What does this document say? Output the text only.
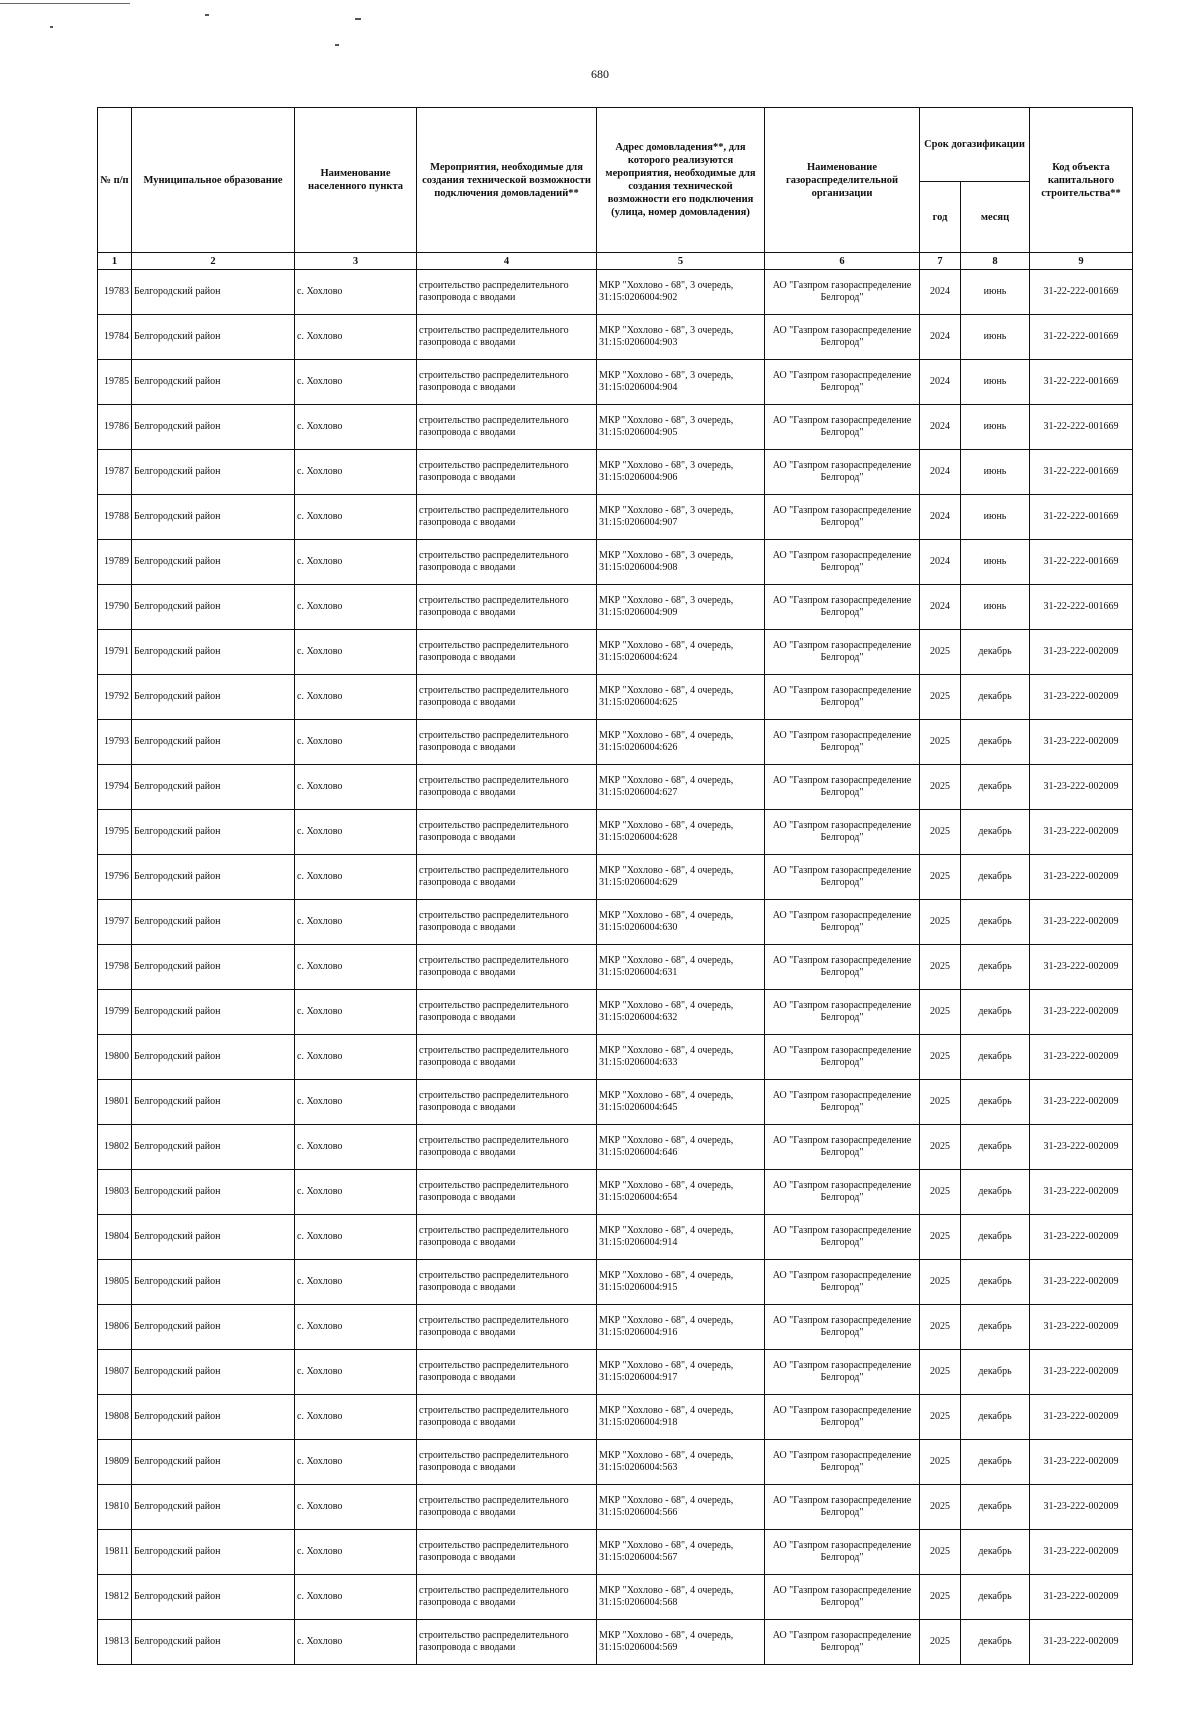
680
№ п/п	Муниципальное образование	Наименование населенного пункта	Мероприятия, необходимые для создания технической возможности подключения домовладений**	Адрес домовладения**, для которого реализуются мероприятия, необходимые для создания технической возможности его подключения (улица, номер домовладения)	Наименование газораспределительной организации	Срок догазификации		Код объекта капитального строительства**
						год	месяц	
1	2	3	4	5	6	7	8	9
19783	Белгородский район	с. Хохлово	строительство распределительного газопровода с вводами	МКР "Хохлово - 68", 3 очередь, 31:15:0206004:902	АО "Газпром газораспределение Белгород"	2024	июнь	31-22-222-001669
19784	Белгородский район	с. Хохлово	строительство распределительного газопровода с вводами	МКР "Хохлово - 68", 3 очередь, 31:15:0206004:903	АО "Газпром газораспределение Белгород"	2024	июнь	31-22-222-001669
19785	Белгородский район	с. Хохлово	строительство распределительного газопровода с вводами	МКР "Хохлово - 68", 3 очередь, 31:15:0206004:904	АО "Газпром газораспределение Белгород"	2024	июнь	31-22-222-001669
19786	Белгородский район	с. Хохлово	строительство распределительного газопровода с вводами	МКР "Хохлово - 68", 3 очередь, 31:15:0206004:905	АО "Газпром газораспределение Белгород"	2024	июнь	31-22-222-001669
19787	Белгородский район	с. Хохлово	строительство распределительного газопровода с вводами	МКР "Хохлово - 68", 3 очередь, 31:15:0206004:906	АО "Газпром газораспределение Белгород"	2024	июнь	31-22-222-001669
19788	Белгородский район	с. Хохлово	строительство распределительного газопровода с вводами	МКР "Хохлово - 68", 3 очередь, 31:15:0206004:907	АО "Газпром газораспределение Белгород"	2024	июнь	31-22-222-001669
19789	Белгородский район	с. Хохлово	строительство распределительного газопровода с вводами	МКР "Хохлово - 68", 3 очередь, 31:15:0206004:908	АО "Газпром газораспределение Белгород"	2024	июнь	31-22-222-001669
19790	Белгородский район	с. Хохлово	строительство распределительного газопровода с вводами	МКР "Хохлово - 68", 3 очередь, 31:15:0206004:909	АО "Газпром газораспределение Белгород"	2024	июнь	31-22-222-001669
19791	Белгородский район	с. Хохлово	строительство распределительного газопровода с вводами	МКР "Хохлово - 68", 4 очередь, 31:15:0206004:624	АО "Газпром газораспределение Белгород"	2025	декабрь	31-23-222-002009
19792	Белгородский район	с. Хохлово	строительство распределительного газопровода с вводами	МКР "Хохлово - 68", 4 очередь, 31:15:0206004:625	АО "Газпром газораспределение Белгород"	2025	декабрь	31-23-222-002009
19793	Белгородский район	с. Хохлово	строительство распределительного газопровода с вводами	МКР "Хохлово - 68", 4 очередь, 31:15:0206004:626	АО "Газпром газораспределение Белгород"	2025	декабрь	31-23-222-002009
19794	Белгородский район	с. Хохлово	строительство распределительного газопровода с вводами	МКР "Хохлово - 68", 4 очередь, 31:15:0206004:627	АО "Газпром газораспределение Белгород"	2025	декабрь	31-23-222-002009
19795	Белгородский район	с. Хохлово	строительство распределительного газопровода с вводами	МКР "Хохлово - 68", 4 очередь, 31:15:0206004:628	АО "Газпром газораспределение Белгород"	2025	декабрь	31-23-222-002009
19796	Белгородский район	с. Хохлово	строительство распределительного газопровода с вводами	МКР "Хохлово - 68", 4 очередь, 31:15:0206004:629	АО "Газпром газораспределение Белгород"	2025	декабрь	31-23-222-002009
19797	Белгородский район	с. Хохлово	строительство распределительного газопровода с вводами	МКР "Хохлово - 68", 4 очередь, 31:15:0206004:630	АО "Газпром газораспределение Белгород"	2025	декабрь	31-23-222-002009
19798	Белгородский район	с. Хохлово	строительство распределительного газопровода с вводами	МКР "Хохлово - 68", 4 очередь, 31:15:0206004:631	АО "Газпром газораспределение Белгород"	2025	декабрь	31-23-222-002009
19799	Белгородский район	с. Хохлово	строительство распределительного газопровода с вводами	МКР "Хохлово - 68", 4 очередь, 31:15:0206004:632	АО "Газпром газораспределение Белгород"	2025	декабрь	31-23-222-002009
19800	Белгородский район	с. Хохлово	строительство распределительного газопровода с вводами	МКР "Хохлово - 68", 4 очередь, 31:15:0206004:633	АО "Газпром газораспределение Белгород"	2025	декабрь	31-23-222-002009
19801	Белгородский район	с. Хохлово	строительство распределительного газопровода с вводами	МКР "Хохлово - 68", 4 очередь, 31:15:0206004:645	АО "Газпром газораспределение Белгород"	2025	декабрь	31-23-222-002009
19802	Белгородский район	с. Хохлово	строительство распределительного газопровода с вводами	МКР "Хохлово - 68", 4 очередь, 31:15:0206004:646	АО "Газпром газораспределение Белгород"	2025	декабрь	31-23-222-002009
19803	Белгородский район	с. Хохлово	строительство распределительного газопровода с вводами	МКР "Хохлово - 68", 4 очередь, 31:15:0206004:654	АО "Газпром газораспределение Белгород"	2025	декабрь	31-23-222-002009
19804	Белгородский район	с. Хохлово	строительство распределительного газопровода с вводами	МКР "Хохлово - 68", 4 очередь, 31:15:0206004:914	АО "Газпром газораспределение Белгород"	2025	декабрь	31-23-222-002009
19805	Белгородский район	с. Хохлово	строительство распределительного газопровода с вводами	МКР "Хохлово - 68", 4 очередь, 31:15:0206004:915	АО "Газпром газораспределение Белгород"	2025	декабрь	31-23-222-002009
19806	Белгородский район	с. Хохлово	строительство распределительного газопровода с вводами	МКР "Хохлово - 68", 4 очередь, 31:15:0206004:916	АО "Газпром газораспределение Белгород"	2025	декабрь	31-23-222-002009
19807	Белгородский район	с. Хохлово	строительство распределительного газопровода с вводами	МКР "Хохлово - 68", 4 очередь, 31:15:0206004:917	АО "Газпром газораспределение Белгород"	2025	декабрь	31-23-222-002009
19808	Белгородский район	с. Хохлово	строительство распределительного газопровода с вводами	МКР "Хохлово - 68", 4 очередь, 31:15:0206004:918	АО "Газпром газораспределение Белгород"	2025	декабрь	31-23-222-002009
19809	Белгородский район	с. Хохлово	строительство распределительного газопровода с вводами	МКР "Хохлово - 68", 4 очередь, 31:15:0206004:563	АО "Газпром газораспределение Белгород"	2025	декабрь	31-23-222-002009
19810	Белгородский район	с. Хохлово	строительство распределительного газопровода с вводами	МКР "Хохлово - 68", 4 очередь, 31:15:0206004:566	АО "Газпром газораспределение Белгород"	2025	декабрь	31-23-222-002009
19811	Белгородский район	с. Хохлово	строительство распределительного газопровода с вводами	МКР "Хохлово - 68", 4 очередь, 31:15:0206004:567	АО "Газпром газораспределение Белгород"	2025	декабрь	31-23-222-002009
19812	Белгородский район	с. Хохлово	строительство распределительного газопровода с вводами	МКР "Хохлово - 68", 4 очередь, 31:15:0206004:568	АО "Газпром газораспределение Белгород"	2025	декабрь	31-23-222-002009
19813	Белгородский район	с. Хохлово	строительство распределительного газопровода с вводами	МКР "Хохлово - 68", 4 очередь, 31:15:0206004:569	АО "Газпром газораспределение Белгород"	2025	декабрь	31-23-222-002009
